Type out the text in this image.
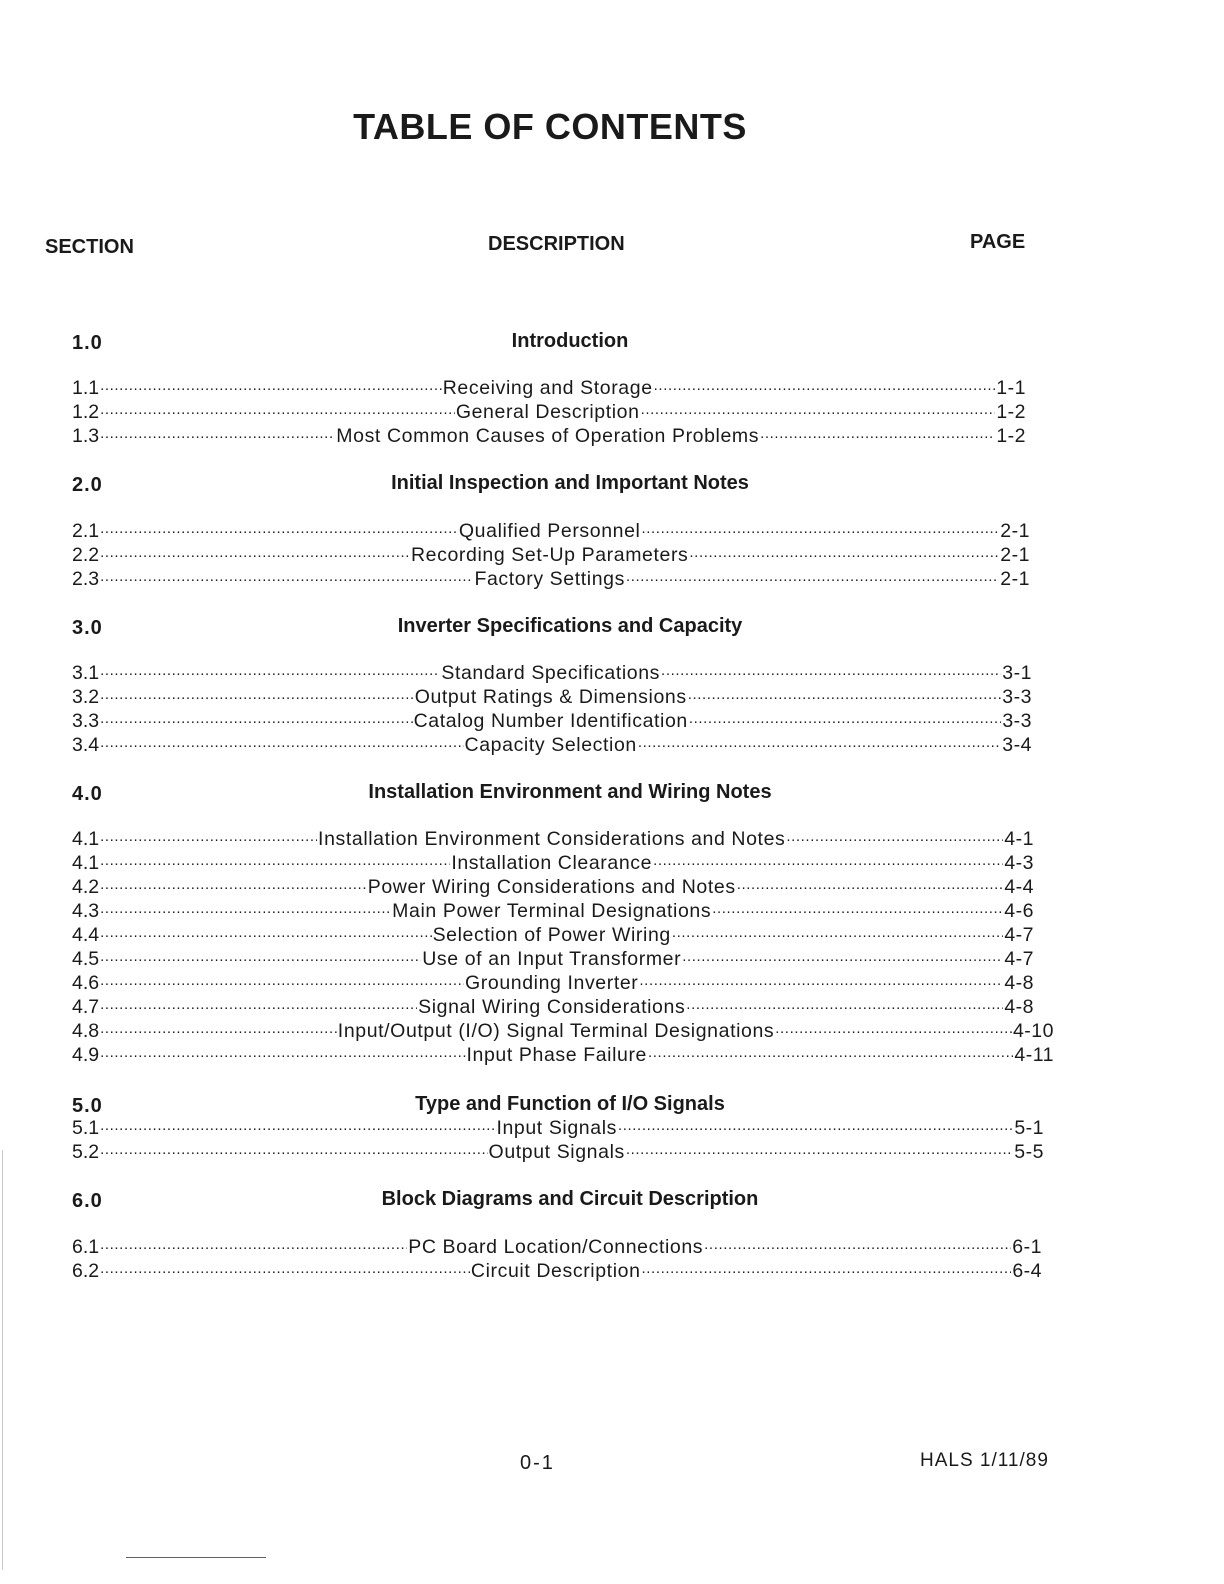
TABLE OF CONTENTS
SECTION	DESCRIPTION	PAGE
1.0	Introduction
1.1 .....	Receiving and Storage .....	1-1
1.2 .....	General Description .....	1-2
1.3 .....	Most Common Causes of Operation Problems .....	1-2
2.0	Initial Inspection and Important Notes
2.1 .....	Qualified Personnel .....	2-1
2.2 .....	Recording Set-Up Parameters .....	2-1
2.3 .....	Factory Settings .....	2-1
3.0	Inverter Specifications and Capacity
3.1 .....	Standard Specifications .....	3-1
3.2 .....	Output Ratings & Dimensions .....	3-3
3.3 .....	Catalog Number Identification .....	3-3
3.4 .....	Capacity Selection .....	3-4
4.0	Installation Environment and Wiring Notes
4.1 .....	Installation Environment Considerations and Notes .....	4-1
4.1 .....	Installation Clearance .....	4-3
4.2 .....	Power Wiring Considerations and Notes .....	4-4
4.3 .....	Main Power Terminal Designations .....	4-6
4.4 .....	Selection of Power Wiring .....	4-7
4.5 .....	Use of an Input Transformer .....	4-7
4.6 .....	Grounding Inverter .....	4-8
4.7 .....	Signal Wiring Considerations .....	4-8
4.8 .....	Input/Output (I/O) Signal Terminal Designations .....	4-10
4.9 .....	Input Phase Failure .....	4-11
5.0	Type and Function of I/O Signals
5.1 .....	Input Signals .....	5-1
5.2 .....	Output Signals .....	5-5
6.0	Block Diagrams and Circuit Description
6.1 .....	PC Board Location/Connections .....	6-1
6.2 .....	Circuit Description .....	6-4
0-1	HALS 1/11/89
